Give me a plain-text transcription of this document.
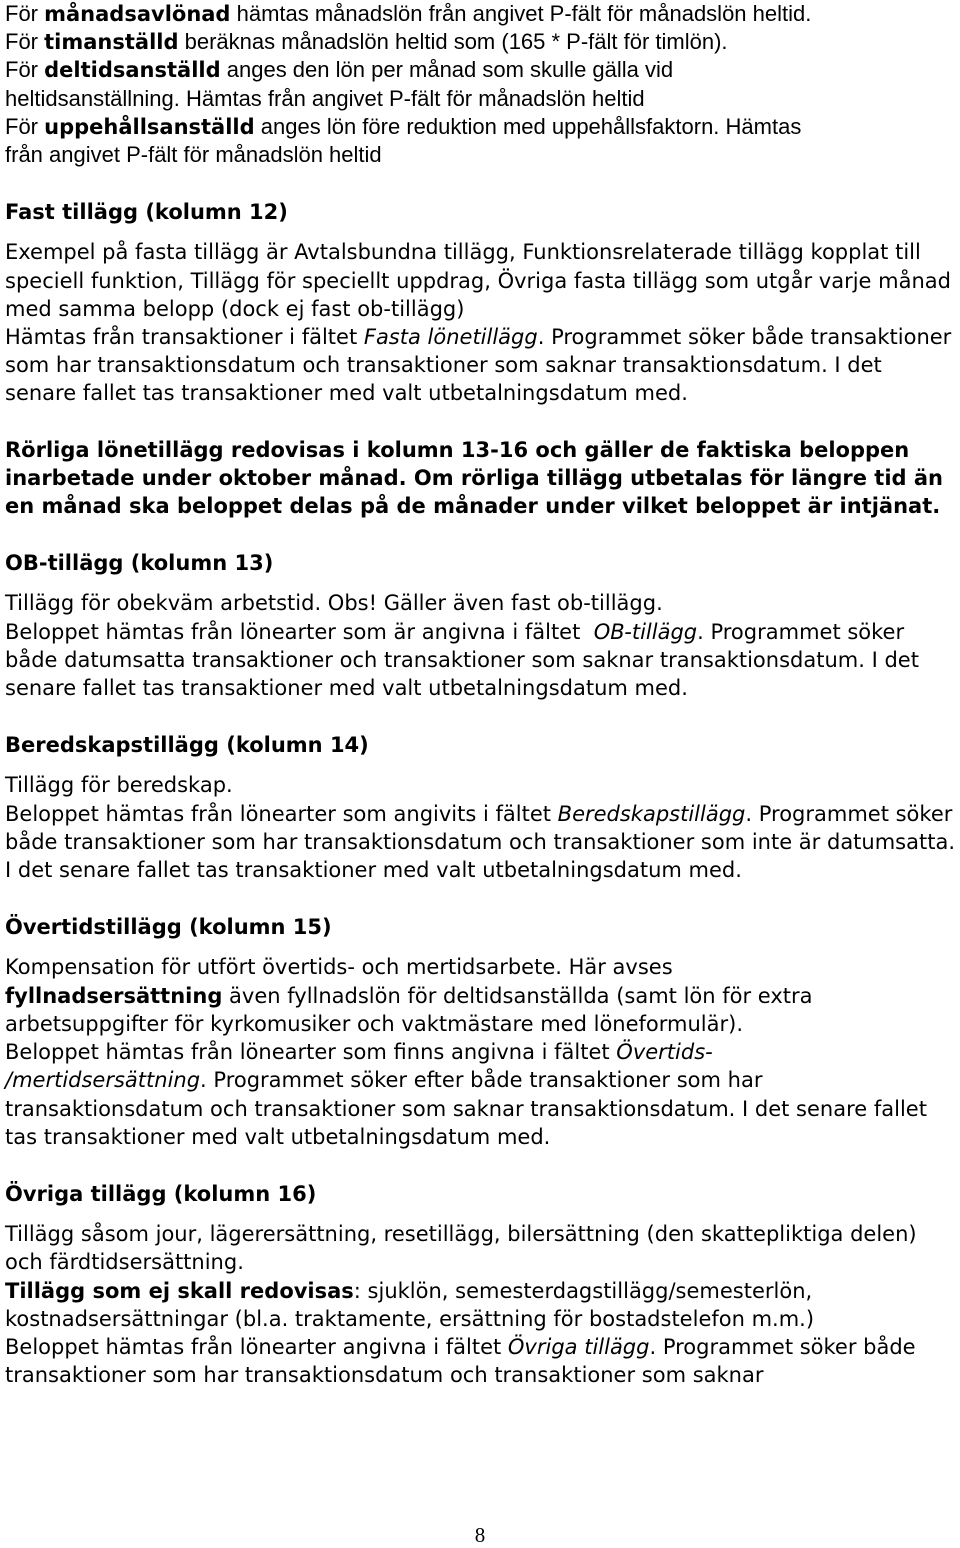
För månadsavlönad hämtas månadslön från angivet P-fält för månadslön heltid.

För timanställd beräknas månadslön heltid som (165 * P-fält för timlön).

För deltidsanställd anges den lön per månad som skulle gälla vid

heltidsanställning. Hämtas från angivet P-fält för månadslön heltid

För uppehållsanställd anges lön före reduktion med uppehållsfaktorn. Hämtas

från angivet P-fält för månadslön heltid

Fast tillägg (kolumn 12)

Exempel på fasta tillägg är Avtalsbundna tillägg, Funktionsrelaterade tillägg kopplat till speciell funktion, Tillägg för speciellt uppdrag, Övriga fasta tillägg som utgår varje månad med samma belopp (dock ej fast ob-tillägg)

Hämtas från transaktioner i fältet Fasta lönetillägg. Programmet söker både transaktioner som har transaktionsdatum och transaktioner som saknar transaktionsdatum. I det senare fallet tas transaktioner med valt utbetalningsdatum med.

Rörliga lönetillägg redovisas i kolumn 13-16 och gäller de faktiska beloppen inarbetade under oktober månad. Om rörliga tillägg utbetalas för längre tid än en månad ska beloppet delas på de månader under vilket beloppet är intjänat.

OB-tillägg (kolumn 13)

Tillägg för obekväm arbetstid. Obs! Gäller även fast ob-tillägg.

Beloppet hämtas från lönearter som är angivna i fältet  OB-tillägg. Programmet söker både datumsatta transaktioner och transaktioner som saknar transaktionsdatum. I det senare fallet tas transaktioner med valt utbetalningsdatum med.

Beredskapstillägg (kolumn 14)

Tillägg för beredskap.

Beloppet hämtas från lönearter som angivits i fältet Beredskapstillägg. Programmet söker både transaktioner som har transaktionsdatum och transaktioner som inte är datumsatta. I det senare fallet tas transaktioner med valt utbetalningsdatum med.

Övertidstillägg (kolumn 15)

Kompensation för utfört övertids- och mertidsarbete. Här avses

fyllnadsersättning även fyllnadslön för deltidsanställda (samt lön för extra arbetsuppgifter för kyrkomusiker och vaktmästare med löneformulär).

Beloppet hämtas från lönearter som finns angivna i fältet Övertids-
/mertidsersättning. Programmet söker efter både transaktioner som har transaktionsdatum och transaktioner som saknar transaktionsdatum. I det senare fallet tas transaktioner med valt utbetalningsdatum med.

Övriga tillägg (kolumn 16)

Tillägg såsom jour, lägerersättning, resetillägg, bilersättning (den skattepliktiga delen) och färdtidsersättning.

Tillägg som ej skall redovisas: sjuklön, semesterdagstillägg/semesterlön, kostnadsersättningar (bl.a. traktamente, ersättning för bostadstelefon m.m.)

Beloppet hämtas från lönearter angivna i fältet Övriga tillägg. Programmet söker både transaktioner som har transaktionsdatum och transaktioner som saknar

8
